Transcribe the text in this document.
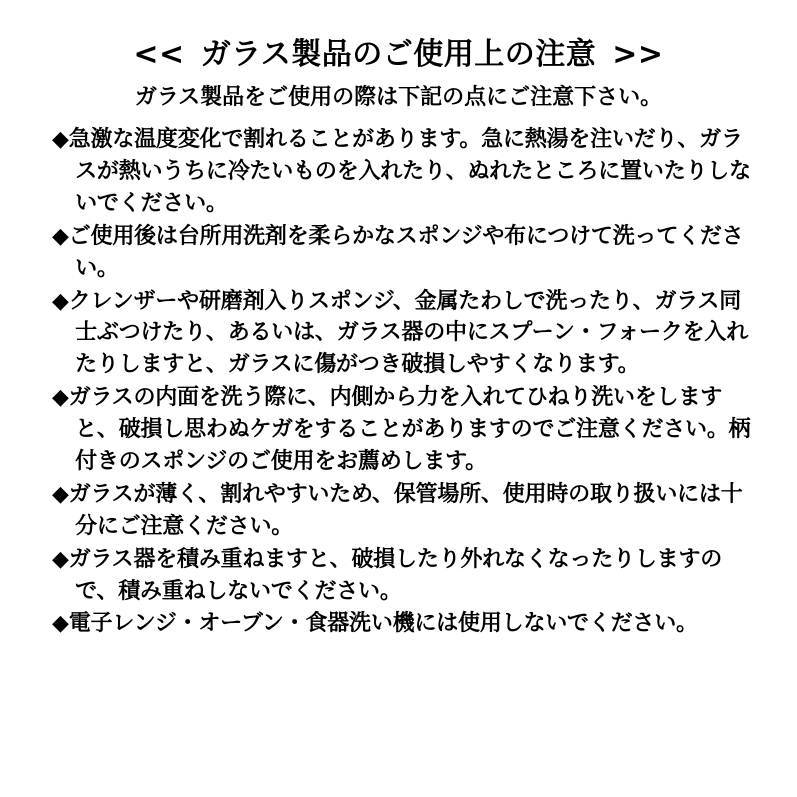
<< ガラス製品のご使用上の注意 >>
ガラス製品をご使用の際は下記の点にご注意下さい。

◆急激な温度変化で割れることがあります。急に熱湯を注いだり、ガラスが熱いうちに冷たいものを入れたり、ぬれたところに置いたりしないでください。

◆ご使用後は台所用洗剤を柔らかなスポンジや布につけて洗ってください。

◆クレンザーや研磨剤入りスポンジ、金属たわしで洗ったり、ガラス同士ぶつけたり、あるいは、ガラス器の中にスプーン・フォークを入れたりしますと、ガラスに傷がつき破損しやすくなります。

◆ガラスの内面を洗う際に、内側から力を入れてひねり洗いをしますと、破損し思わぬケガをすることがありますのでご注意ください。柄付きのスポンジのご使用をお薦めします。

◆ガラスが薄く、割れやすいため、保管場所、使用時の取り扱いには十分にご注意ください。

◆ガラス器を積み重ねますと、破損したり外れなくなったりしますので、積み重ねしないでください。

◆電子レンジ・オーブン・食器洗い機には使用しないでください。
